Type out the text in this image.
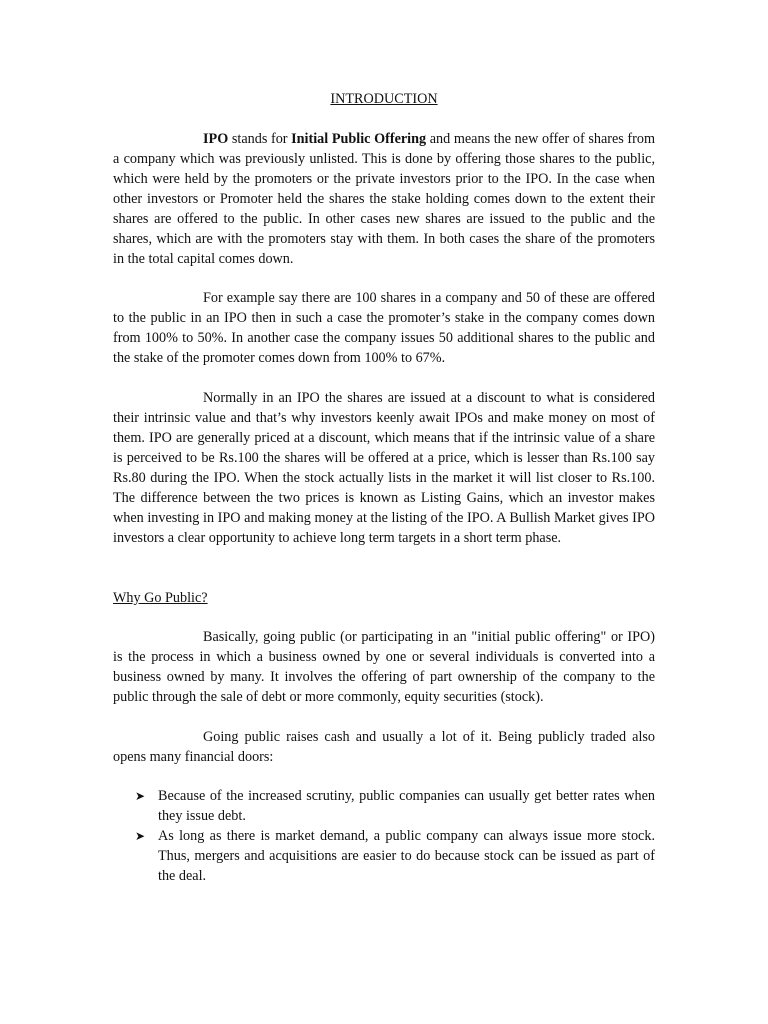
INTRODUCTION

IPO stands for Initial Public Offering and means the new offer of shares from a company which was previously unlisted. This is done by offering those shares to the public, which were held by the promoters or the private investors prior to the IPO. In the case when other investors or Promoter held the shares the stake holding comes down to the extent their shares are offered to the public. In other cases new shares are issued to the public and the shares, which are with the promoters stay with them. In both cases the share of the promoters in the total capital comes down.

For example say there are 100 shares in a company and 50 of these are offered to the public in an IPO then in such a case the promoter’s stake in the company comes down from 100% to 50%. In another case the company issues 50 additional shares to the public and the stake of the promoter comes down from 100% to 67%.

Normally in an IPO the shares are issued at a discount to what is considered their intrinsic value and that’s why investors keenly await IPOs and make money on most of them. IPO are generally priced at a discount, which means that if the intrinsic value of a share is perceived to be Rs.100 the shares will be offered at a price, which is lesser than Rs.100 say Rs.80 during the IPO. When the stock actually lists in the market it will list closer to Rs.100. The difference between the two prices is known as Listing Gains, which an investor makes when investing in IPO and making money at the listing of the IPO. A Bullish Market gives IPO investors a clear opportunity to achieve long term targets in a short term phase.

Why Go Public?

Basically, going public (or participating in an "initial public offering" or IPO) is the process in which a business owned by one or several individuals is converted into a business owned by many. It involves the offering of part ownership of the company to the public through the sale of debt or more commonly, equity securities (stock).

Going public raises cash and usually a lot of it. Being publicly traded also opens many financial doors:

➤ Because of the increased scrutiny, public companies can usually get better rates when they issue debt.
➤ As long as there is market demand, a public company can always issue more stock. Thus, mergers and acquisitions are easier to do because stock can be issued as part of the deal.
